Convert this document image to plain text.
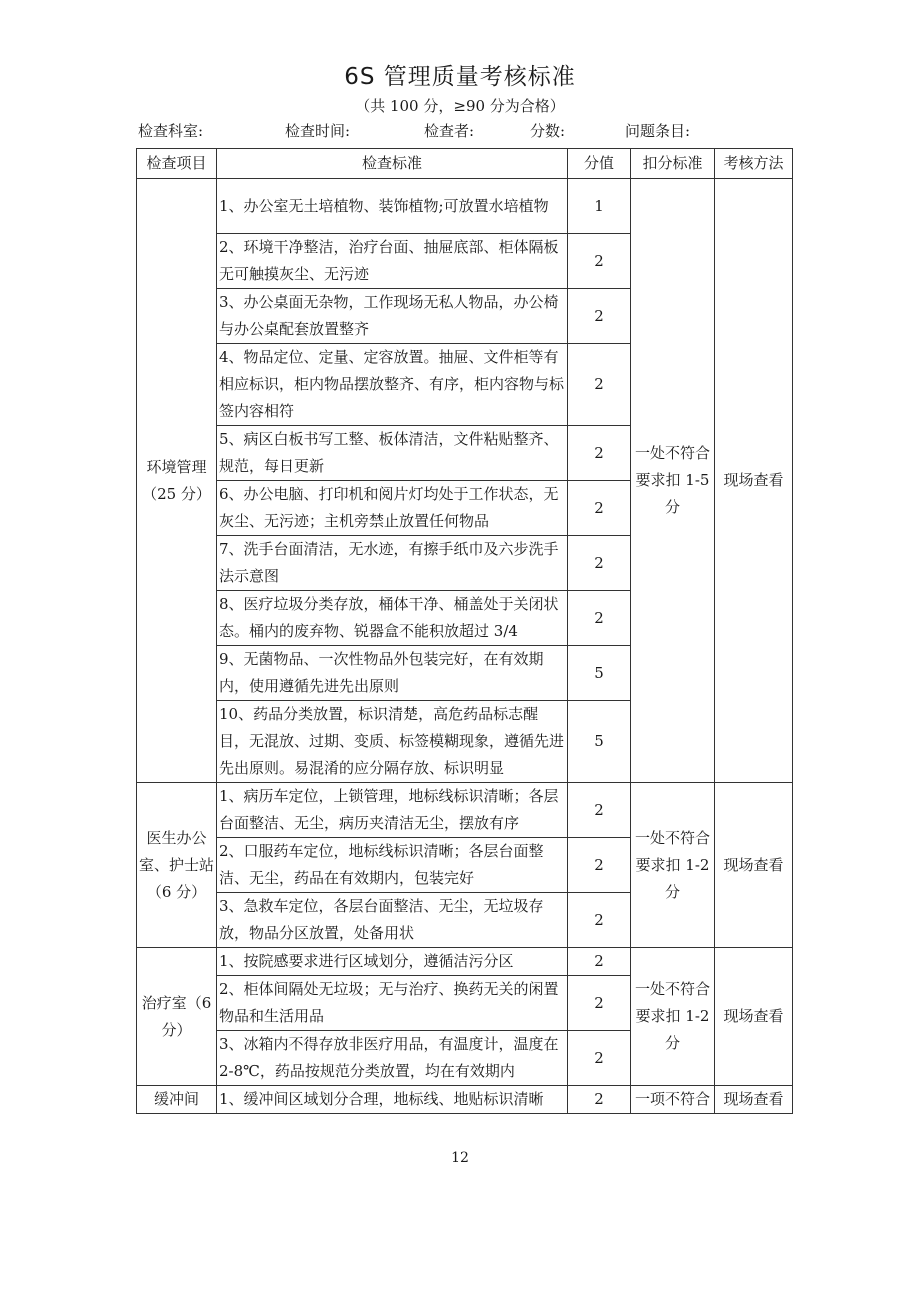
6S 管理质量考核标准
（共 100 分，≥90 分为合格）
检查科室:	检查时间:	检查者:	分数:	问题条目:
检查项目	检查标准	分值	扣分标准	考核方法
环境管理（25 分）	1、办公室无土培植物、装饰植物;可放置水培植物	1	一处不符合要求扣 1-5 分	现场查看
	2、环境干净整洁，治疗台面、抽屉底部、柜体隔板无可触摸灰尘、无污迹	2		
	3、办公桌面无杂物，工作现场无私人物品，办公椅与办公桌配套放置整齐	2		
	4、物品定位、定量、定容放置。抽屉、文件柜等有相应标识，柜内物品摆放整齐、有序，柜内容物与标签内容相符	2		
	5、病区白板书写工整、板体清洁，文件粘贴整齐、规范，每日更新	2		
	6、办公电脑、打印机和阅片灯均处于工作状态，无灰尘、无污迹；主机旁禁止放置任何物品	2		
	7、洗手台面清洁，无水迹，有擦手纸巾及六步洗手法示意图	2		
	8、医疗垃圾分类存放，桶体干净、桶盖处于关闭状态。桶内的废弃物、锐器盒不能积放超过 3/4	2		
	9、无菌物品、一次性物品外包装完好，在有效期内，使用遵循先进先出原则	5		
	10、药品分类放置，标识清楚，高危药品标志醒目，无混放、过期、变质、标签模糊现象，遵循先进先出原则。易混淆的应分隔存放、标识明显	5		
医生办公室、护士站（6 分）	1、病历车定位，上锁管理，地标线标识清晰；各层台面整洁、无尘，病历夹清洁无尘，摆放有序	2	一处不符合要求扣 1-2 分	现场查看
	2、口服药车定位，地标线标识清晰；各层台面整洁、无尘，药品在有效期内，包装完好	2		
	3、急救车定位，各层台面整洁、无尘，无垃圾存放，物品分区放置，处备用状	2		
治疗室（6 分）	1、按院感要求进行区域划分，遵循洁污分区	2	一处不符合要求扣 1-2 分	现场查看
	2、柜体间隔处无垃圾；无与治疗、换药无关的闲置物品和生活用品	2		
	3、冰箱内不得存放非医疗用品，有温度计，温度在 2-8℃，药品按规范分类放置，均在有效期内	2		
缓冲间	1、缓冲间区域划分合理，地标线、地贴标识清晰	2	一项不符合	现场查看
12
